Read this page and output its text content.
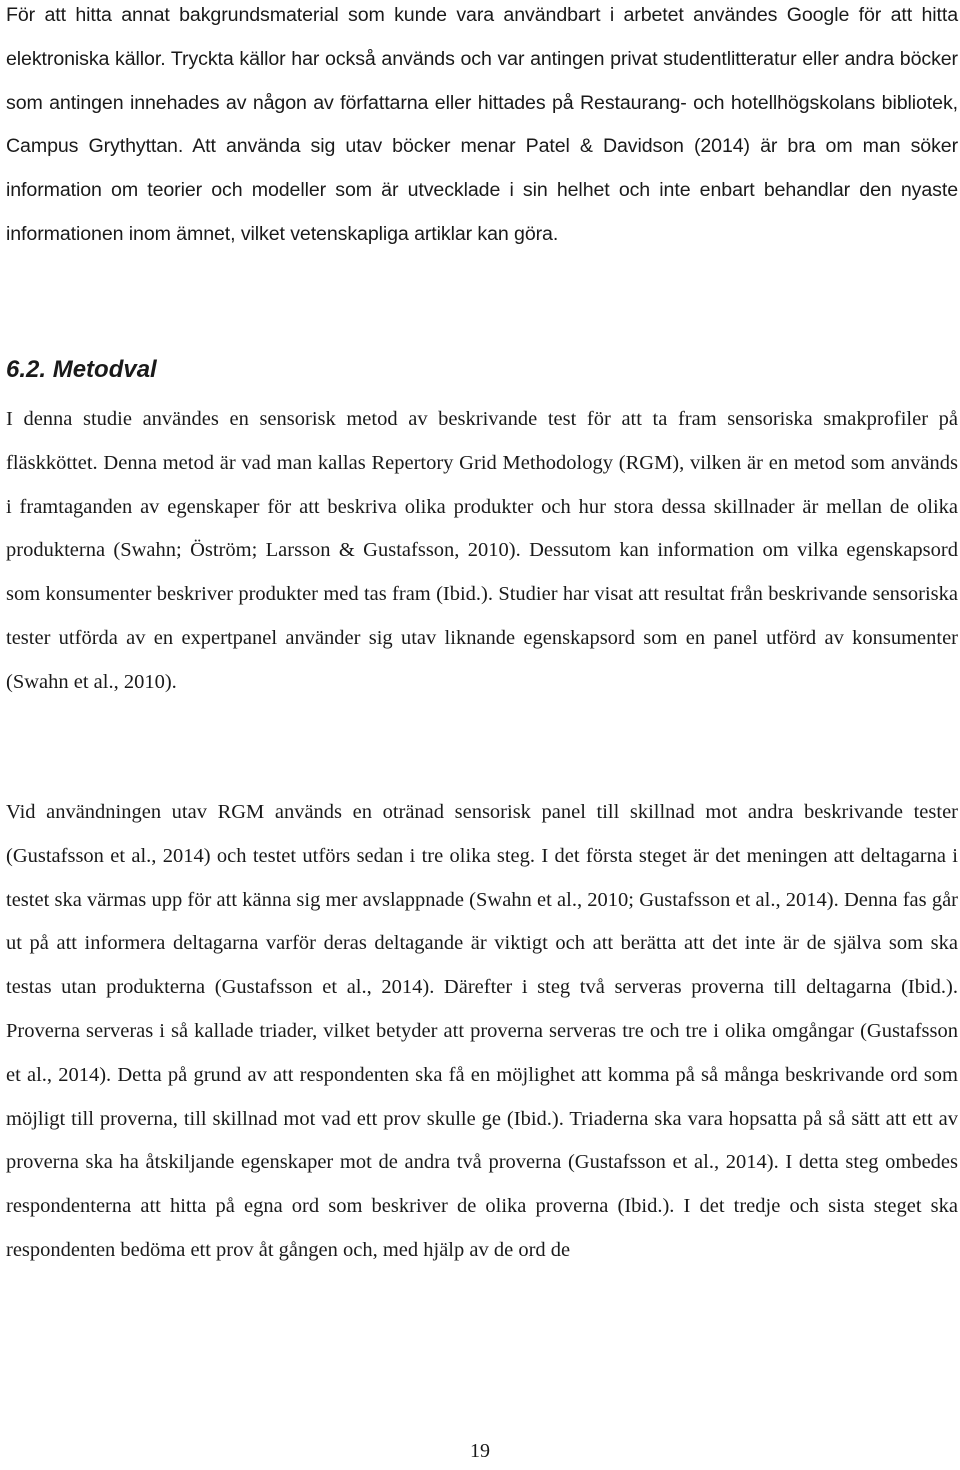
För att hitta annat bakgrundsmaterial som kunde vara användbart i arbetet användes Google för att hitta elektroniska källor. Tryckta källor har också används och var antingen privat studentlitteratur eller andra böcker som antingen innehades av någon av författarna eller hittades på Restaurang- och hotellhögskolans bibliotek, Campus Grythyttan. Att använda sig utav böcker menar Patel & Davidson (2014) är bra om man söker information om teorier och modeller som är utvecklade i sin helhet och inte enbart behandlar den nyaste informationen inom ämnet, vilket vetenskapliga artiklar kan göra.

6.2. Metodval

I denna studie användes en sensorisk metod av beskrivande test för att ta fram sensoriska smakprofiler på fläskköttet. Denna metod är vad man kallas Repertory Grid Methodology (RGM), vilken är en metod som används i framtaganden av egenskaper för att beskriva olika produkter och hur stora dessa skillnader är mellan de olika produkterna (Swahn; Öström; Larsson & Gustafsson, 2010). Dessutom kan information om vilka egenskapsord som konsumenter beskriver produkter med tas fram (Ibid.). Studier har visat att resultat från beskrivande sensoriska tester utförda av en expertpanel använder sig utav liknande egenskapsord som en panel utförd av konsumenter (Swahn et al., 2010).

Vid användningen utav RGM används en otränad sensorisk panel till skillnad mot andra beskrivande tester (Gustafsson et al., 2014) och testet utförs sedan i tre olika steg. I det första steget är det meningen att deltagarna i testet ska värmas upp för att känna sig mer avslappnade (Swahn et al., 2010; Gustafsson et al., 2014). Denna fas går ut på att informera deltagarna varför deras deltagande är viktigt och att berätta att det inte är de själva som ska testas utan produkterna (Gustafsson et al., 2014). Därefter i steg två serveras proverna till deltagarna (Ibid.). Proverna serveras i så kallade triader, vilket betyder att proverna serveras tre och tre i olika omgångar (Gustafsson et al., 2014). Detta på grund av att respondenten ska få en möjlighet att komma på så många beskrivande ord som möjligt till proverna, till skillnad mot vad ett prov skulle ge (Ibid.). Triaderna ska vara hopsatta på så sätt att ett av proverna ska ha åtskiljande egenskaper mot de andra två proverna (Gustafsson et al., 2014). I detta steg ombedes respondenterna att hitta på egna ord som beskriver de olika proverna (Ibid.). I det tredje och sista steget ska respondenten bedöma ett prov åt gången och, med hjälp av de ord de

19
